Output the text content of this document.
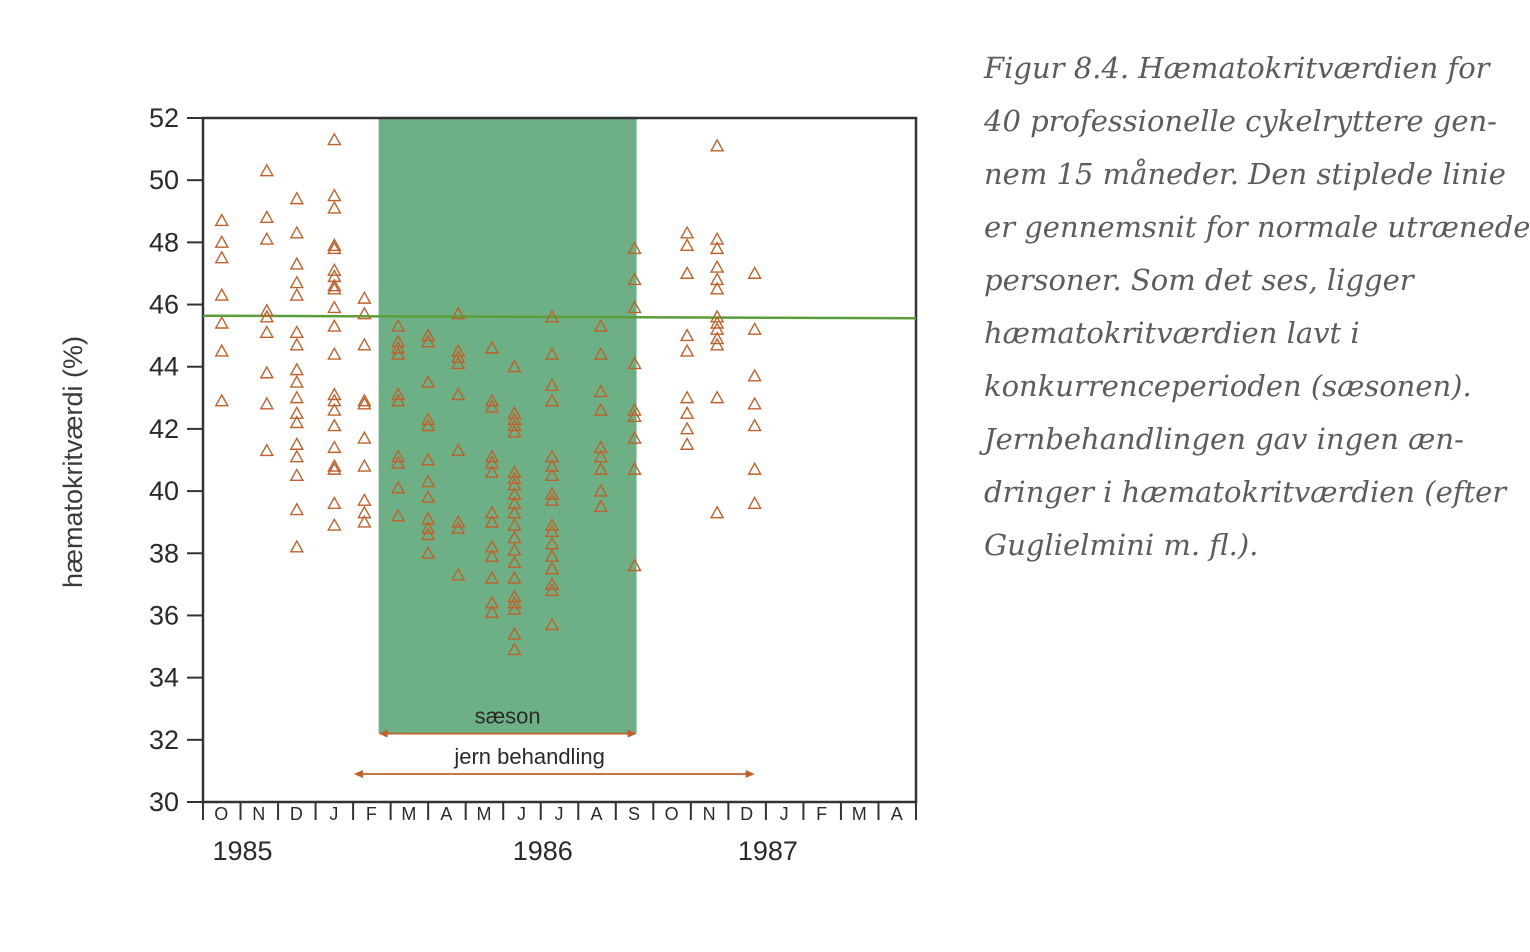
30
32
34
36
38
40
42
44
46
48
50
52
O N D J F M A M J J A S O N D J F M A
1985	1986	1987
sæson
jern behandling
hæmatokritværdi (%)
Figur 8.4. Hæmatokritværdien for
40 professionelle cykelryttere gen-
nem 15 måneder. Den stiplede linie
er gennemsnit for normale utrænede
personer. Som det ses, ligger
hæmatokritværdien lavt i
konkurrenceperioden (sæsonen).
Jernbehandlingen gav ingen æn-
dringer i hæmatokritværdien (efter
Guglielmini m. fl.).
